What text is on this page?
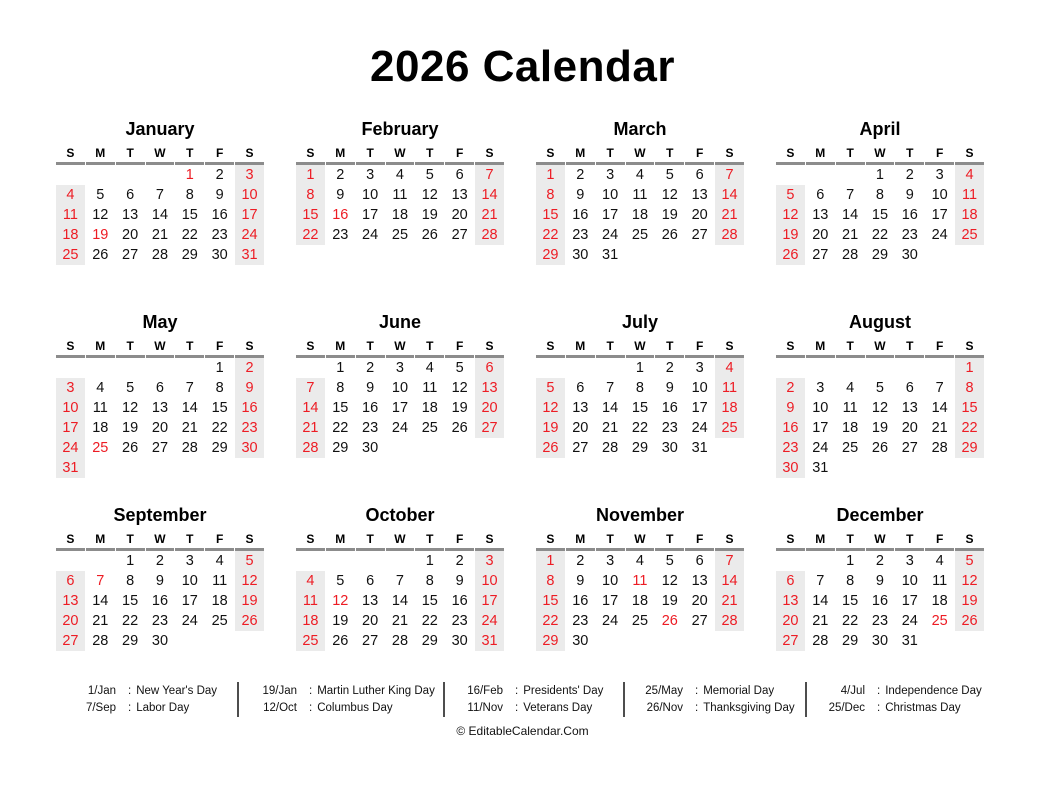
2026 Calendar
January
S	M	T	W	T	F	S
				1	2	3
4	5	6	7	8	9	10
11	12	13	14	15	16	17
18	19	20	21	22	23	24
25	26	27	28	29	30	31
February
S	M	T	W	T	F	S
1	2	3	4	5	6	7
8	9	10	11	12	13	14
15	16	17	18	19	20	21
22	23	24	25	26	27	28
March
S	M	T	W	T	F	S
1	2	3	4	5	6	7
8	9	10	11	12	13	14
15	16	17	18	19	20	21
22	23	24	25	26	27	28
29	30	31				
April
S	M	T	W	T	F	S
			1	2	3	4
5	6	7	8	9	10	11
12	13	14	15	16	17	18
19	20	21	22	23	24	25
26	27	28	29	30		
May
S	M	T	W	T	F	S
					1	2
3	4	5	6	7	8	9
10	11	12	13	14	15	16
17	18	19	20	21	22	23
24	25	26	27	28	29	30
31						
June
S	M	T	W	T	F	S
	1	2	3	4	5	6
7	8	9	10	11	12	13
14	15	16	17	18	19	20
21	22	23	24	25	26	27
28	29	30				
July
S	M	T	W	T	F	S
			1	2	3	4
5	6	7	8	9	10	11
12	13	14	15	16	17	18
19	20	21	22	23	24	25
26	27	28	29	30	31	
August
S	M	T	W	T	F	S
						1
2	3	4	5	6	7	8
9	10	11	12	13	14	15
16	17	18	19	20	21	22
23	24	25	26	27	28	29
30	31					
September
S	M	T	W	T	F	S
		1	2	3	4	5
6	7	8	9	10	11	12
13	14	15	16	17	18	19
20	21	22	23	24	25	26
27	28	29	30			
October
S	M	T	W	T	F	S
				1	2	3
4	5	6	7	8	9	10
11	12	13	14	15	16	17
18	19	20	21	22	23	24
25	26	27	28	29	30	31
November
S	M	T	W	T	F	S
1	2	3	4	5	6	7
8	9	10	11	12	13	14
15	16	17	18	19	20	21
22	23	24	25	26	27	28
29	30					
December
S	M	T	W	T	F	S
		1	2	3	4	5
6	7	8	9	10	11	12
13	14	15	16	17	18	19
20	21	22	23	24	25	26
27	28	29	30	31		
1/Jan : New Year's Day
7/Sep : Labor Day
19/Jan : Martin Luther King Day
12/Oct : Columbus Day
16/Feb : Presidents' Day
11/Nov : Veterans Day
25/May : Memorial Day
26/Nov : Thanksgiving Day
4/Jul : Independence Day
25/Dec : Christmas Day
© EditableCalendar.Com
